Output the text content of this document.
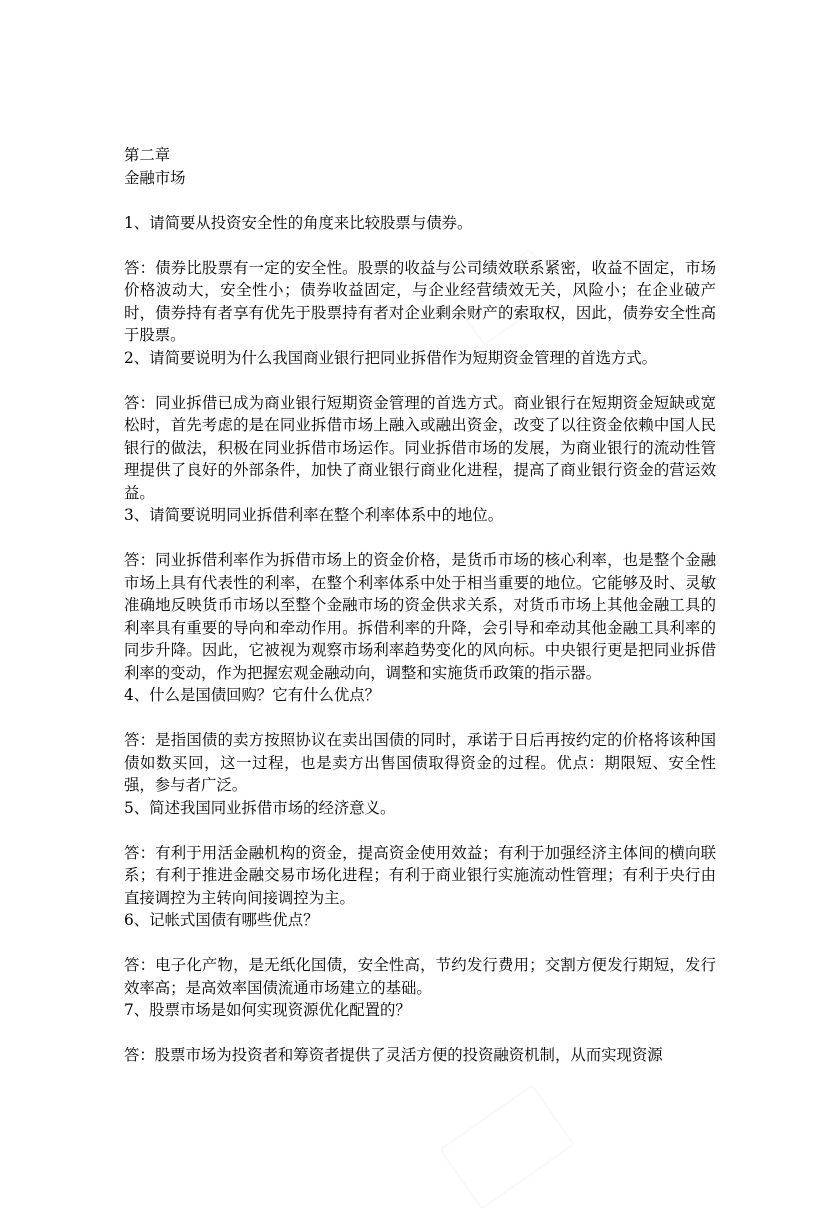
第二章

金融市场

1、请简要从投资安全性的角度来比较股票与债券。

答：债券比股票有一定的安全性。股票的收益与公司绩效联系紧密，收益不固定，市场价格波动大，安全性小；债券收益固定，与企业经营绩效无关，风险小；在企业破产时，债券持有者享有优先于股票持有者对企业剩余财产的索取权，因此，债券安全性高于股票。

2、请简要说明为什么我国商业银行把同业拆借作为短期资金管理的首选方式。

答：同业拆借已成为商业银行短期资金管理的首选方式。商业银行在短期资金短缺或宽松时，首先考虑的是在同业拆借市场上融入或融出资金，改变了以往资金依赖中国人民银行的做法，积极在同业拆借市场运作。同业拆借市场的发展，为商业银行的流动性管理提供了良好的外部条件，加快了商业银行商业化进程，提高了商业银行资金的营运效益。

3、请简要说明同业拆借利率在整个利率体系中的地位。

答：同业拆借利率作为拆借市场上的资金价格，是货币市场的核心利率，也是整个金融市场上具有代表性的利率，在整个利率体系中处于相当重要的地位。它能够及时、灵敏准确地反映货币市场以至整个金融市场的资金供求关系，对货币市场上其他金融工具的利率具有重要的导向和牵动作用。拆借利率的升降，会引导和牵动其他金融工具利率的同步升降。因此，它被视为观察市场利率趋势变化的风向标。中央银行更是把同业拆借利率的变动，作为把握宏观金融动向，调整和实施货币政策的指示器。

4、什么是国债回购？它有什么优点？

答：是指国债的卖方按照协议在卖出国债的同时，承诺于日后再按约定的价格将该种国债如数买回，这一过程，也是卖方出售国债取得资金的过程。优点：期限短、安全性强，参与者广泛。

5、简述我国同业拆借市场的经济意义。

答：有利于用活金融机构的资金，提高资金使用效益；有利于加强经济主体间的横向联系；有利于推进金融交易市场化进程；有利于商业银行实施流动性管理；有利于央行由直接调控为主转向间接调控为主。

6、记帐式国债有哪些优点？

答：电子化产物，是无纸化国债，安全性高，节约发行费用；交割方便发行期短，发行效率高；是高效率国债流通市场建立的基础。

7、股票市场是如何实现资源优化配置的？

答：股票市场为投资者和筹资者提供了灵活方便的投资融资机制，从而实现资源
